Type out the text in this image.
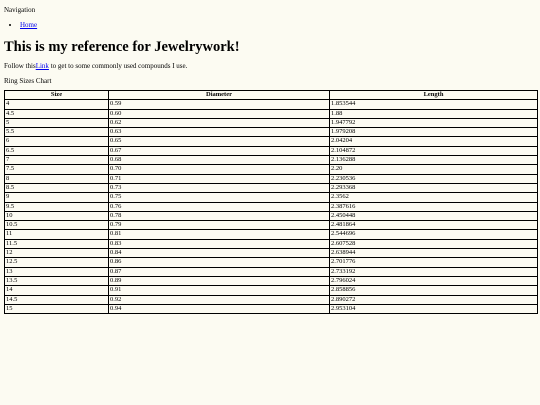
Navigation

• Home
This is my reference for Jewelrywork!

Follow thisLink to get to some commonly used compounds I use.

Ring Sizes Chart

Size	Diameter	Length
4	0.59	1.853544
4.5	0.60	1.88
5	0.62	1.947792
5.5	0.63	1.979208
6	0.65	2.04204
6.5	0.67	2.104872
7	0.68	2.136288
7.5	0.70	2.20
8	0.71	2.230536
8.5	0.73	2.293368
9	0.75	2.3562
9.5	0.76	2.387616
10	0.78	2.450448
10.5	0.79	2.481864
11	0.81	2.544696
11.5	0.83	2.607528
12	0.84	2.638944
12.5	0.86	2.701776
13	0.87	2.733192
13.5	0.89	2.796024
14	0.91	2.858856
14.5	0.92	2.890272
15	0.94	2.953104
